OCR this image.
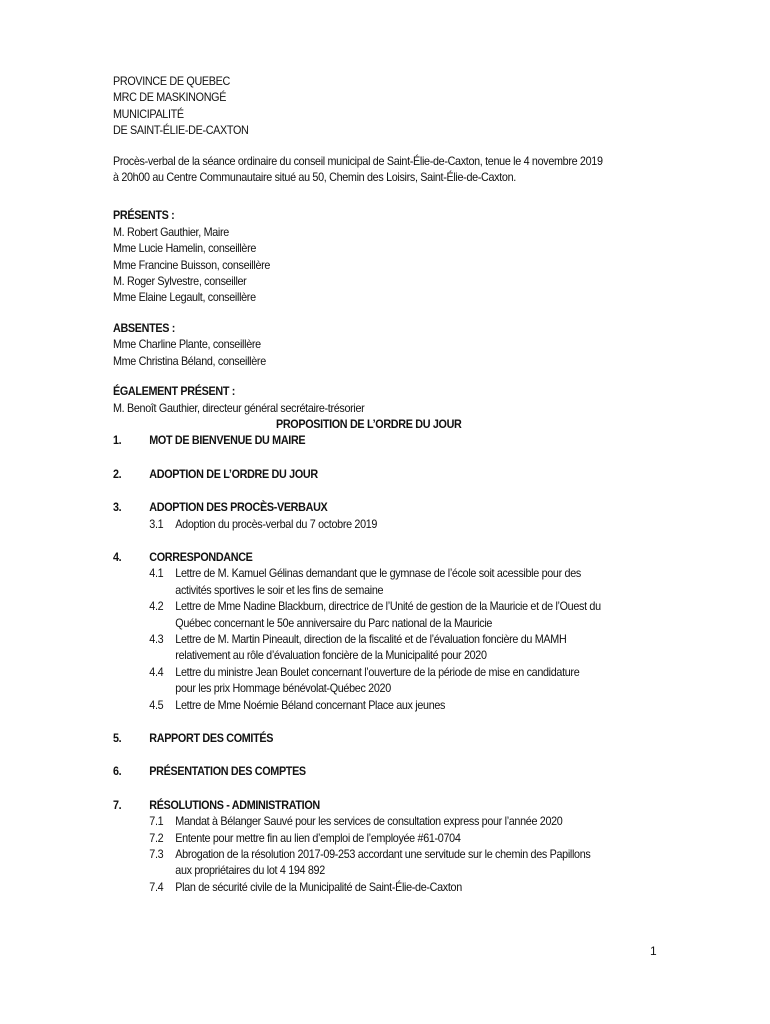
PROVINCE DE QUEBEC

MRC DE MASKINONGÉ

MUNICIPALITÉ

DE SAINT-ÉLIE-DE-CAXTON

Procès-verbal de la séance ordinaire du conseil municipal de Saint-Élie-de-Caxton, tenue le 4 novembre 2019

à 20h00 au Centre Communautaire situé au 50, Chemin des Loisirs, Saint-Élie-de-Caxton.

PRÉSENTS :

M. Robert Gauthier, Maire

Mme Lucie Hamelin, conseillère

Mme Francine Buisson, conseillère

M. Roger Sylvestre, conseiller

Mme Elaine Legault, conseillère

ABSENTES :

Mme Charline Plante, conseillère

Mme Christina Béland, conseillère

ÉGALEMENT PRÉSENT :

M. Benoît Gauthier, directeur général secrétaire-trésorier

PROPOSITION DE L’ORDRE DU JOUR

1.	MOT DE BIENVENUE DU MAIRE
2.	ADOPTION DE L’ORDRE DU JOUR
3.	ADOPTION DES PROCÈS-VERBAUX
3.1	Adoption du procès-verbal du 7 octobre 2019
4.	CORRESPONDANCE
4.1	Lettre de M. Kamuel Gélinas demandant que le gymnase de l’école soit acessible pour des
activités sportives le soir et les fins de semaine
4.2	Lettre de Mme Nadine Blackburn, directrice de l’Unité de gestion de la Mauricie et de l’Ouest du
Québec concernant le 50e anniversaire du Parc national de la Mauricie
4.3	Lettre de M. Martin Pineault, direction de la fiscalité et de l’évaluation foncière du MAMH
relativement au rôle d’évaluation foncière de la Municipalité pour 2020
4.4	Lettre du ministre Jean Boulet concernant l’ouverture de la période de mise en candidature
pour les prix Hommage bénévolat-Québec 2020
4.5	Lettre de Mme Noémie Béland concernant Place aux jeunes
5.	RAPPORT DES COMITÉS
6.	PRÉSENTATION DES COMPTES
7.	RÉSOLUTIONS - ADMINISTRATION
7.1	Mandat à Bélanger Sauvé pour les services de consultation express pour l’année 2020
7.2	Entente pour mettre fin au lien d’emploi de l’employée #61-0704
7.3	Abrogation de la résolution 2017-09-253 accordant une servitude sur le chemin des Papillons
aux propriétaires du lot 4 194 892
7.4	Plan de sécurité civile de la Municipalité de Saint-Élie-de-Caxton
1
